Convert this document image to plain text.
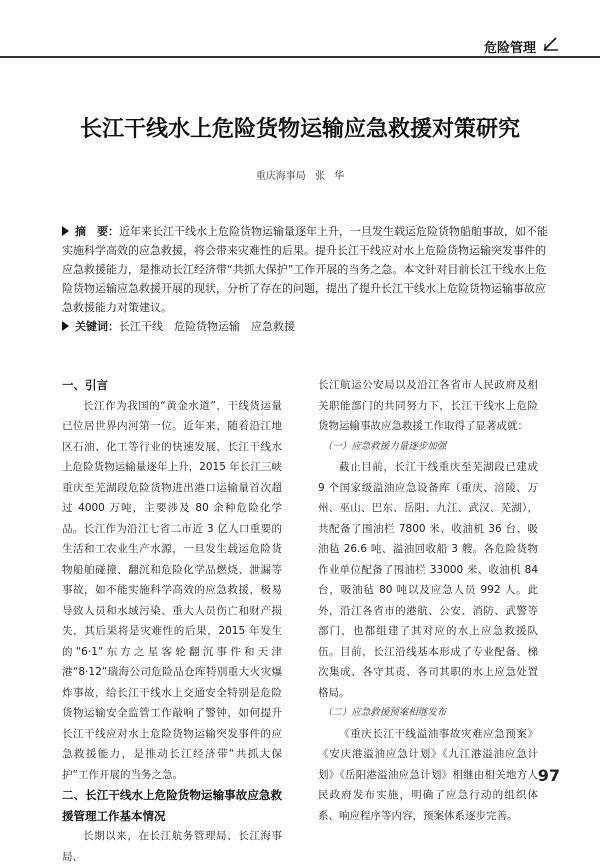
危险管理
长江干线水上危险货物运输应急救援对策研究
重庆海事局 张 华

摘　要：近年来长江干线水上危险货物运输量逐年上升，一旦发生载运危险货物船舶事故，如不能实施科学高效的应急救援，将会带来灾难性的后果。提升长江干线应对水上危险货物运输突发事件的应急救援能力，是推动长江经济带“共抓大保护”工作开展的当务之急。本文针对目前长江干线水上危险货物运输应急救援开展的现状，分析了存在的问题，提出了提升长江干线水上危险货物运输事故应急救援能力对策建议。

关键词：长江干线　危险货物运输　应急救援

一、引言

长江作为我国的“黄金水道”，干线货运量已位居世界内河第一位。近年来，随着沿江地区石油、化工等行业的快速发展，长江干线水上危险货物运输量逐年上升，2015 年长江三峡重庆至芜湖段危险货物进出港口运输量首次超过 4000 万吨，主要涉及 80 余种危险化学品。长江作为沿江七省二市近 3 亿人口重要的生活和工农业生产水源，一旦发生载运危险货物船舶碰撞、翻沉和危险化学品燃烧、泄漏等事故，如不能实施科学高效的应急救援，极易导致人员和水域污染、重大人员伤亡和财产损失，其后果将是灾难性的后果，2015 年发生的“6·1”东方之星客轮翻沉事件和天津港“8·12”瑞海公司危险品仓库特别重大火灾爆炸事故，给长江干线水上交通安全特别是危险货物运输安全监管工作敲响了警钟，如何提升长江干线应对水上危险货物运输突发事件的应急救援能力，是推动长江经济带“共抓大保护”工作开展的当务之急。

二、长江干线水上危险货物运输事故应急救援管理工作基本情况

长期以来，在长江航务管理局、长江海事局、

长江航运公安局以及沿江各省市人民政府及相关职能部门的共同努力下，长江干线水上危险货物运输事故应急救援工作取得了显著成就：

（一）应急救援力量逐步加强

截止目前，长江干线重庆至芜湖段已建成 9 个国家级溢油应急设备库（重庆、涪陵、万州、巫山、巴东、岳阳、九江、武汉、芜湖），共配备了围油栏 7800 米、收油机 36 台、吸油毡 26.6 吨、溢油回收船 3 艘。各危险货物作业单位配备了围油栏 33000 米、收油机 84 台，吸油毡 80 吨以及应急人员 992 人。此外，沿江各省市的港航、公安、消防、武警等部门，也都组建了其对应的水上应急救援队伍。目前，长江沿线基本形成了专业配备、梯次集成、各守其责、各司其职的水上应急处置格局。

（二）应急救援预案相继发布

《重庆长江干线溢油事故灾难应急预案》《安庆港溢油应急计划》《九江港溢油应急计划》《岳阳港溢油应急计划》相继由相关地方人民政府发布实施，明确了应急行动的组织体系、响应程序等内容，预案体系逐步完善。

97
